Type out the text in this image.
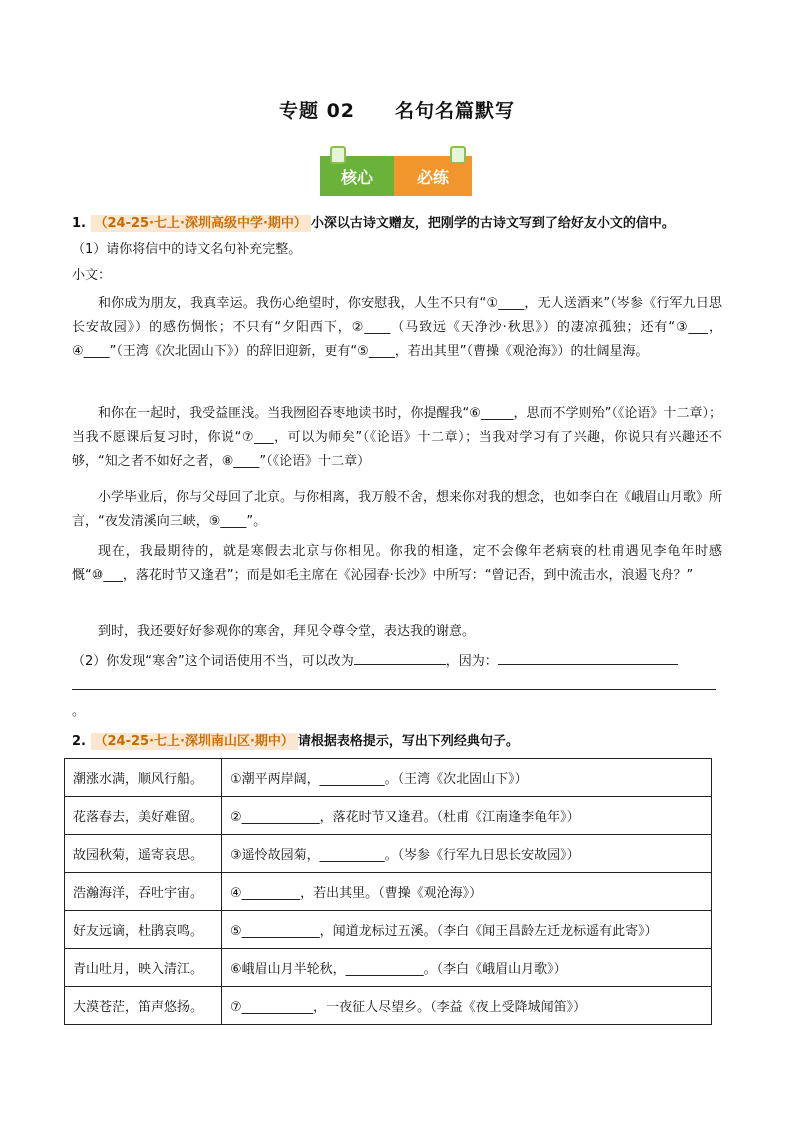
专题 02 名句名篇默写
核心	必练
1. （24-25·七上·深圳高级中学·期中） 小深以古诗文赠友，把刚学的古诗文写到了给好友小文的信中。
（1）请你将信中的诗文名句补充完整。
小文：
和你成为朋友，我真幸运。我伤心绝望时，你安慰我，人生不只有“①____，无人送酒来”（岑参《行军九日思长安故园》）的感伤惆怅；不只有“夕阳西下，②____（马致远《天净沙·秋思》）的凄凉孤独；还有“③___，④____”（王湾《次北固山下》）的辞旧迎新，更有“⑤____，若出其里”（曹操《观沧海》）的壮阔星海。
和你在一起时，我受益匪浅。当我囫囵吞枣地读书时，你提醒我“⑥_____，思而不学则殆”（《论语》十二章）；当我不愿课后复习时，你说“⑦___，可以为师矣”（《论语》十二章）；当我对学习有了兴趣，你说只有兴趣还不够，“知之者不如好之者，⑧____”（《论语》十二章）
小学毕业后，你与父母回了北京。与你相离，我万般不舍，想来你对我的想念，也如李白在《峨眉山月歌》所言，“夜发清溪向三峡，⑨____”。
现在，我最期待的，就是寒假去北京与你相见。你我的相逢，定不会像年老病衰的杜甫遇见李龟年时感慨“⑩___，落花时节又逢君”；而是如毛主席在《沁园春·长沙》中所写：“曾记否，到中流击水，浪遏飞舟？”
到时，我还要好好参观你的寒舍，拜见令尊令堂，表达我的谢意。
（2）你发现“寒舍”这个词语使用不当，可以改为	，因为：
。
2. （24-25·七上·深圳南山区·期中） 请根据表格提示，写出下列经典句子。
潮涨水满，顺风行船。	①潮平两岸阔，__________。（王湾《次北固山下》）
花落春去，美好难留。	②____________，落花时节又逢君。（杜甫《江南逢李龟年》）
故园秋菊，遥寄哀思。	③遥怜故园菊，__________。（岑参《行军九日思长安故园》）
浩瀚海洋，吞吐宇宙。	④_________，若出其里。（曹操《观沧海》）
好友远谪，杜鹃哀鸣。	⑤____________，闻道龙标过五溪。（李白《闻王昌龄左迁龙标遥有此寄》）
青山吐月，映入清江。	⑥峨眉山月半轮秋，____________。（李白《峨眉山月歌》）
大漠苍茫，笛声悠扬。	⑦___________，一夜征人尽望乡。（李益《夜上受降城闻笛》）
